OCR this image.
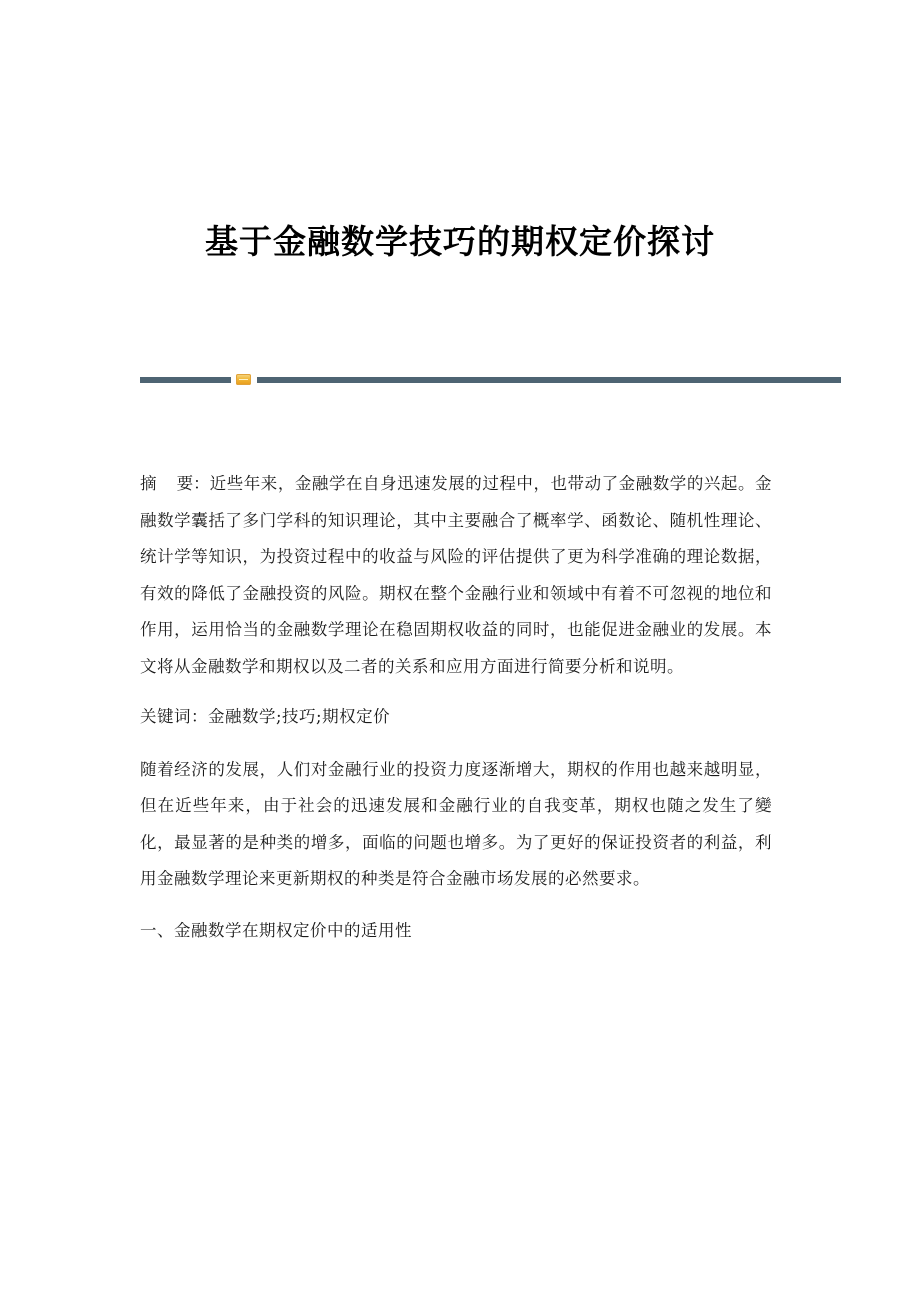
基于金融数学技巧的期权定价探讨

摘 要：近些年来，金融学在自身迅速发展的过程中，也带动了金融数学的兴起。金融数学囊括了多门学科的知识理论，其中主要融合了概率学、函数论、随机性理论、统计学等知识，为投资过程中的收益与风险的评估提供了更为科学准确的理论数据，有效的降低了金融投资的风险。期权在整个金融行业和领域中有着不可忽视的地位和作用，运用恰当的金融数学理论在稳固期权收益的同时，也能促进金融业的发展。本文将从金融数学和期权以及二者的关系和应用方面进行简要分析和说明。

关键词：金融数学;技巧;期权定价

随着经济的发展，人们对金融行业的投资力度逐渐增大，期权的作用也越来越明显，但在近些年来，由于社会的迅速发展和金融行业的自我变革，期权也随之发生了變化，最显著的是种类的增多，面临的问题也增多。为了更好的保证投资者的利益，利用金融数学理论来更新期权的种类是符合金融市场发展的必然要求。

一、金融数学在期权定价中的适用性
